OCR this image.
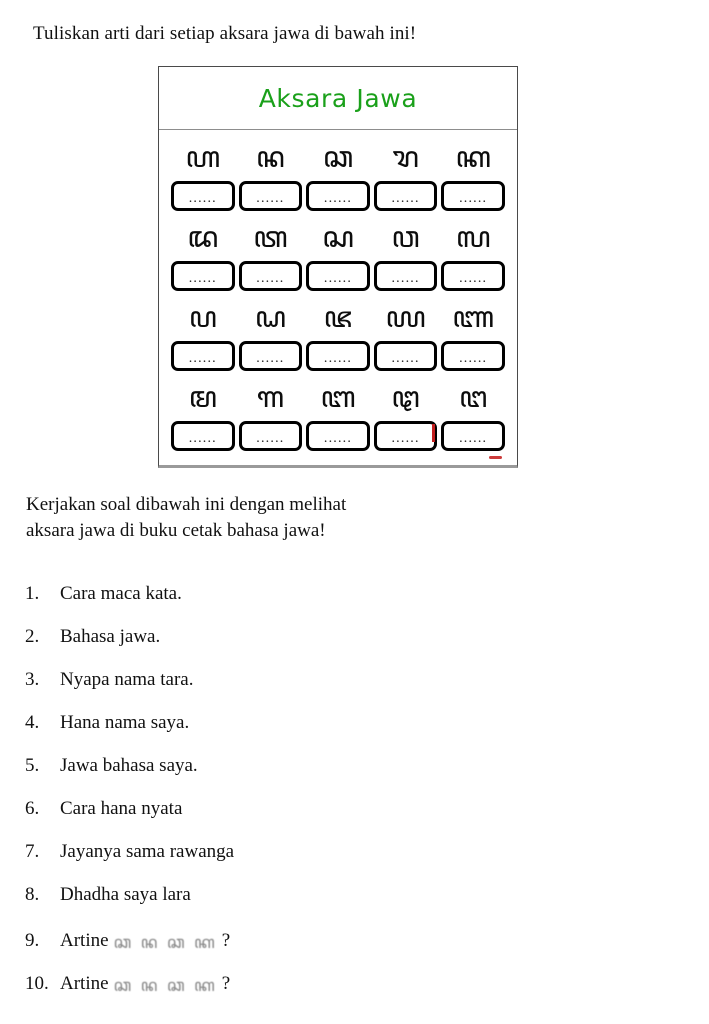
Tuliskan arti dari setiap aksara jawa di bawah ini!
Aksara Jawa
ꦲ	ꦤ	ꦕ	ꦫ	ꦏ
......	......	......	......	......
ꦢ	ꦠ	ꦱ	ꦮ	ꦭ
......	......	......	......	......
ꦥ	ꦝ	ꦗ	ꦪ ꦚ
......	......	......	......	......
ꦩ	ꦒ	ꦧ	ꦛ	ꦔ
......	......	......	......	......
Kerjakan soal dibawah ini dengan melihat
aksara jawa di buku cetak bahasa jawa!
1.	Cara maca kata.
2.	Bahasa jawa.
3.	Nyapa nama tara.
4.	Hana nama saya.
5.	Jawa bahasa saya.
6.	Cara hana nyata
7.	Jayanya sama rawanga
8.	Dhadha saya lara
9.	Artine ꦕ ꦤ ꦕ ꦏ ?
10. Artine ꦕ ꦤ ꦕ ꦏ ?
